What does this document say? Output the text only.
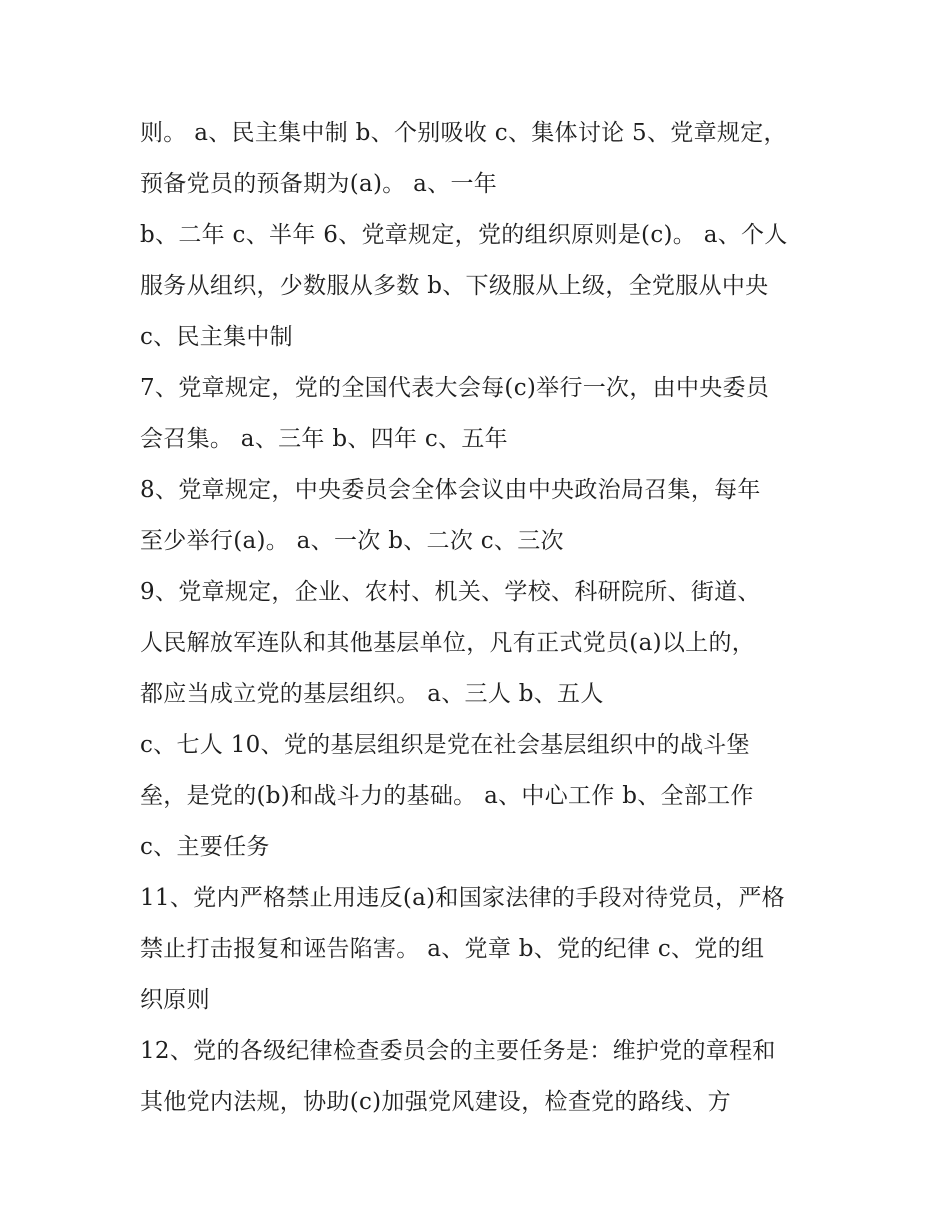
则。 a、民主集中制 b、个别吸收 c、集体讨论 5、党章规定，
预备党员的预备期为(a)。 a、一年
b、二年 c、半年 6、党章规定，党的组织原则是(c)。 a、个人
服务从组织，少数服从多数 b、下级服从上级，全党服从中央
c、民主集中制
7、党章规定，党的全国代表大会每(c)举行一次，由中央委员
会召集。 a、三年 b、四年 c、五年
8、党章规定，中央委员会全体会议由中央政治局召集，每年
至少举行(a)。 a、一次 b、二次 c、三次
9、党章规定，企业、农村、机关、学校、科研院所、街道、
人民解放军连队和其他基层单位，凡有正式党员(a)以上的，
都应当成立党的基层组织。 a、三人 b、五人
c、七人 10、党的基层组织是党在社会基层组织中的战斗堡
垒，是党的(b)和战斗力的基础。 a、中心工作 b、全部工作
c、主要任务
11、党内严格禁止用违反(a)和国家法律的手段对待党员，严格
禁止打击报复和诬告陷害。 a、党章 b、党的纪律 c、党的组
织原则
12、党的各级纪律检查委员会的主要任务是：维护党的章程和
其他党内法规，协助(c)加强党风建设，检查党的路线、方
